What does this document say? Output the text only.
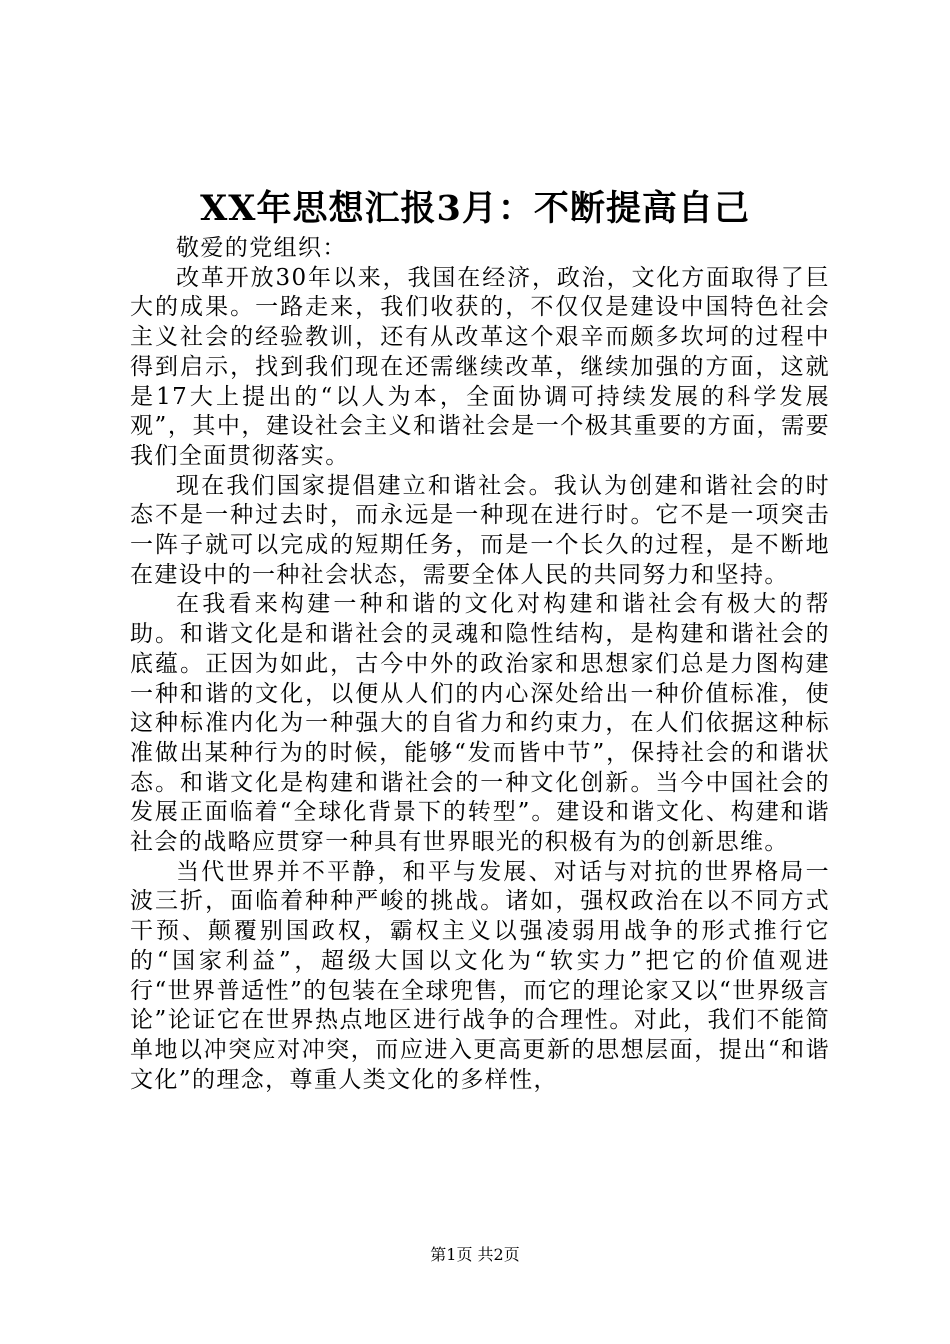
XX年思想汇报3月：不断提高自己

敬爱的党组织：

改革开放30年以来，我国在经济，政治，文化方面取得了巨大的成果。一路走来，我们收获的，不仅仅是建设中国特色社会主义社会的经验教训，还有从改革这个艰辛而颇多坎坷的过程中得到启示，找到我们现在还需继续改革，继续加强的方面，这就是17大上提出的“以人为本，全面协调可持续发展的科学发展观”，其中，建设社会主义和谐社会是一个极其重要的方面，需要我们全面贯彻落实。

现在我们国家提倡建立和谐社会。我认为创建和谐社会的时态不是一种过去时，而永远是一种现在进行时。它不是一项突击一阵子就可以完成的短期任务，而是一个长久的过程，是不断地在建设中的一种社会状态，需要全体人民的共同努力和坚持。

在我看来构建一种和谐的文化对构建和谐社会有极大的帮助。和谐文化是和谐社会的灵魂和隐性结构，是构建和谐社会的底蕴。正因为如此，古今中外的政治家和思想家们总是力图构建一种和谐的文化，以便从人们的内心深处给出一种价值标准，使这种标准内化为一种强大的自省力和约束力，在人们依据这种标准做出某种行为的时候，能够“发而皆中节”，保持社会的和谐状态。和谐文化是构建和谐社会的一种文化创新。当今中国社会的发展正面临着“全球化背景下的转型”。建设和谐文化、构建和谐社会的战略应贯穿一种具有世界眼光的积极有为的创新思维。

当代世界并不平静，和平与发展、对话与对抗的世界格局一波三折，面临着种种严峻的挑战。诸如，强权政治在以不同方式干预、颠覆别国政权，霸权主义以强凌弱用战争的形式推行它的“国家利益”，超级大国以文化为“软实力”把它的价值观进行“世界普适性”的包装在全球兜售，而它的理论家又以“世界级言论”论证它在世界热点地区进行战争的合理性。对此，我们不能简单地以冲突应对冲突，而应进入更高更新的思想层面，提出“和谐文化”的理念，尊重人类文化的多样性，

第1页 共2页
